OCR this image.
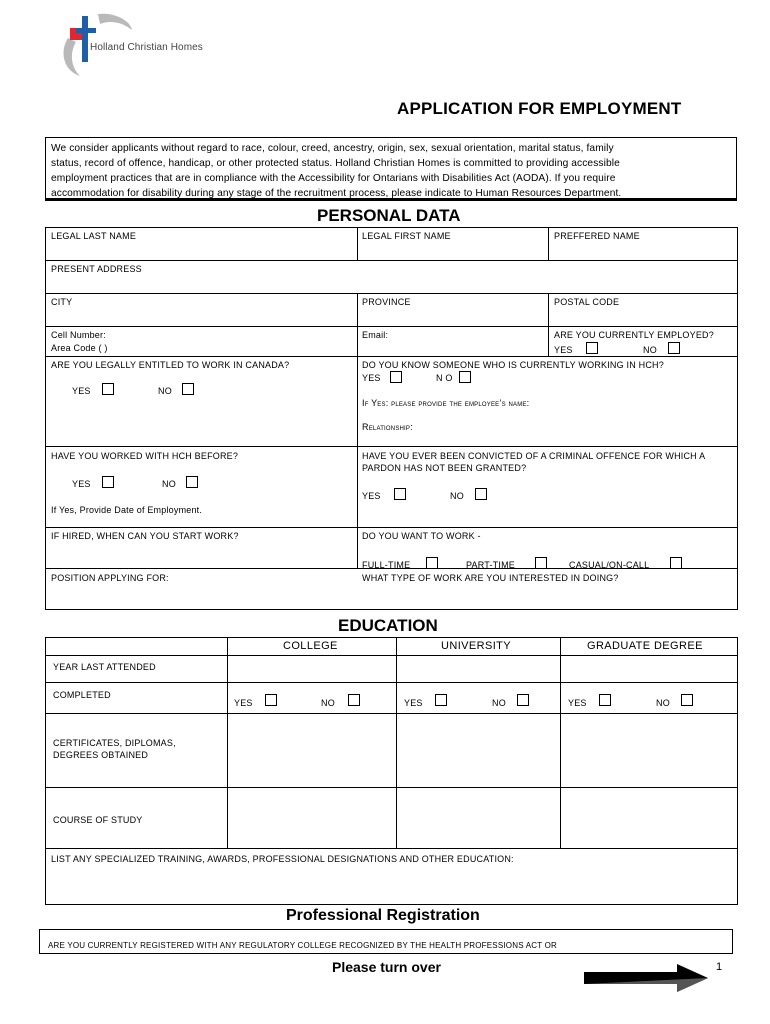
Holland Christian Homes
APPLICATION FOR EMPLOYMENT
We consider applicants without regard to race, colour, creed, ancestry, origin, sex, sexual orientation, marital status, family
status, record of offence, handicap, or other protected status. Holland Christian Homes is committed to providing accessible
employment practices that are in compliance with the Accessibility for Ontarians with Disabilities Act (AODA). If you require
accommodation for disability during any stage of the recruitment process, please indicate to Human Resources Department.
PERSONAL DATA
LEGAL LAST NAME	LEGAL FIRST NAME	PREFFERED NAME
PRESENT ADDRESS
CITY	PROVINCE	POSTAL CODE
Cell Number:
Area Code ( )
Email:	ARE YOU CURRENTLY EMPLOYED?
YES	NO
ARE YOU LEGALLY ENTITLED TO WORK IN CANADA?
YES	NO
DO YOU KNOW SOMEONE WHO IS CURRENTLY WORKING IN HCH?
YES	N O
If Yes: please provide the employee’s name:
Relationship:
HAVE YOU WORKED WITH HCH BEFORE?
YES	NO
If Yes, Provide Date of Employment.
HAVE YOU EVER BEEN CONVICTED OF A CRIMINAL OFFENCE FOR WHICH A
PARDON HAS NOT BEEN GRANTED?
YES	NO
IF HIRED, WHEN CAN YOU START WORK?	DO YOU WANT TO WORK -
FULL-TIME	PART-TIME	CASUAL/ON-CALL
POSITION APPLYING FOR:	WHAT TYPE OF WORK ARE YOU INTERESTED IN DOING?
EDUCATION
COLLEGE	UNIVERSITY	GRADUATE DEGREE
YEAR LAST ATTENDED
COMPLETED
YES	NO	YES	NO	YES	NO
CERTIFICATES, DIPLOMAS,
DEGREES OBTAINED
COURSE OF STUDY
LIST ANY SPECIALIZED TRAINING, AWARDS, PROFESSIONAL DESIGNATIONS AND OTHER EDUCATION:
Professional Registration
ARE YOU CURRENTLY REGISTERED WITH ANY REGULATORY COLLEGE RECOGNIZED BY THE HEALTH PROFESSIONS ACT OR
Please turn over	1
